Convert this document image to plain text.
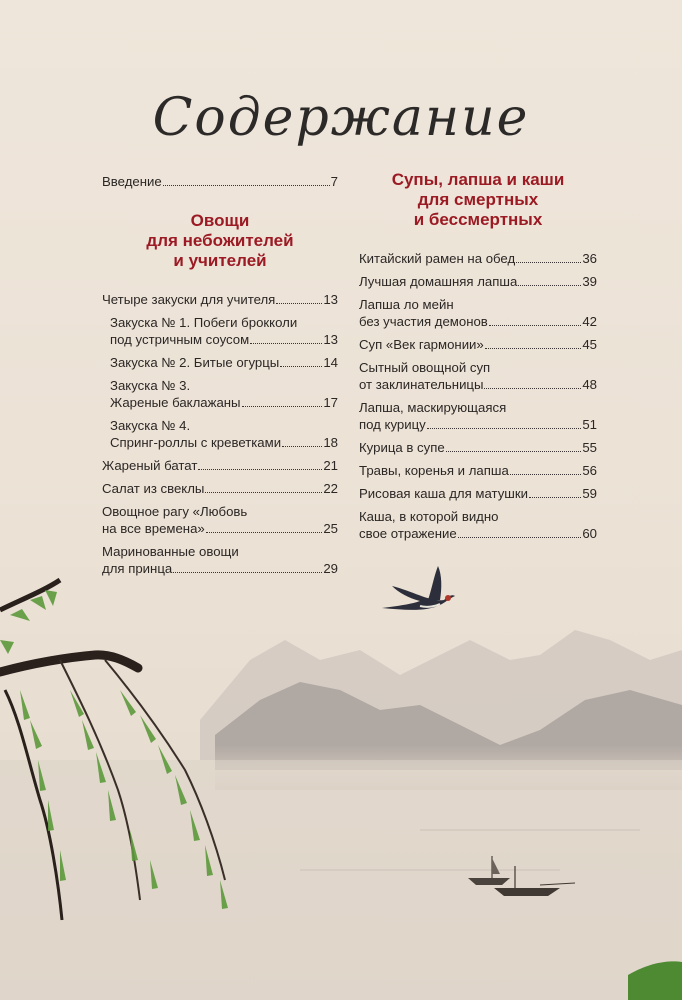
Содержание
Введение	7
Овощи
для небожителей
и учителей
Четыре закуски для учителя	13
Закуска № 1. Побеги брокколи
под устричным соусом	13
Закуска № 2. Битые огурцы	14
Закуска № 3.
Жареные баклажаны	17
Закуска № 4.
Спринг-роллы с креветками	18
Жареный батат	21
Салат из свеклы	22
Овощное рагу «Любовь
на все времена»	25
Маринованные овощи
для принца	29
Супы, лапша и каши
для смертных
и бессмертных
Китайский рамен на обед	36
Лучшая домашняя лапша	39
Лапша ло мейн
без участия демонов	42
Суп «Век гармонии»	45
Сытный овощной суп
от заклинательницы	48
Лапша, маскирующаяся
под курицу	51
Курица в супе	55
Травы, коренья и лапша	56
Рисовая каша для матушки	59
Каша, в которой видно
свое отражение	60
